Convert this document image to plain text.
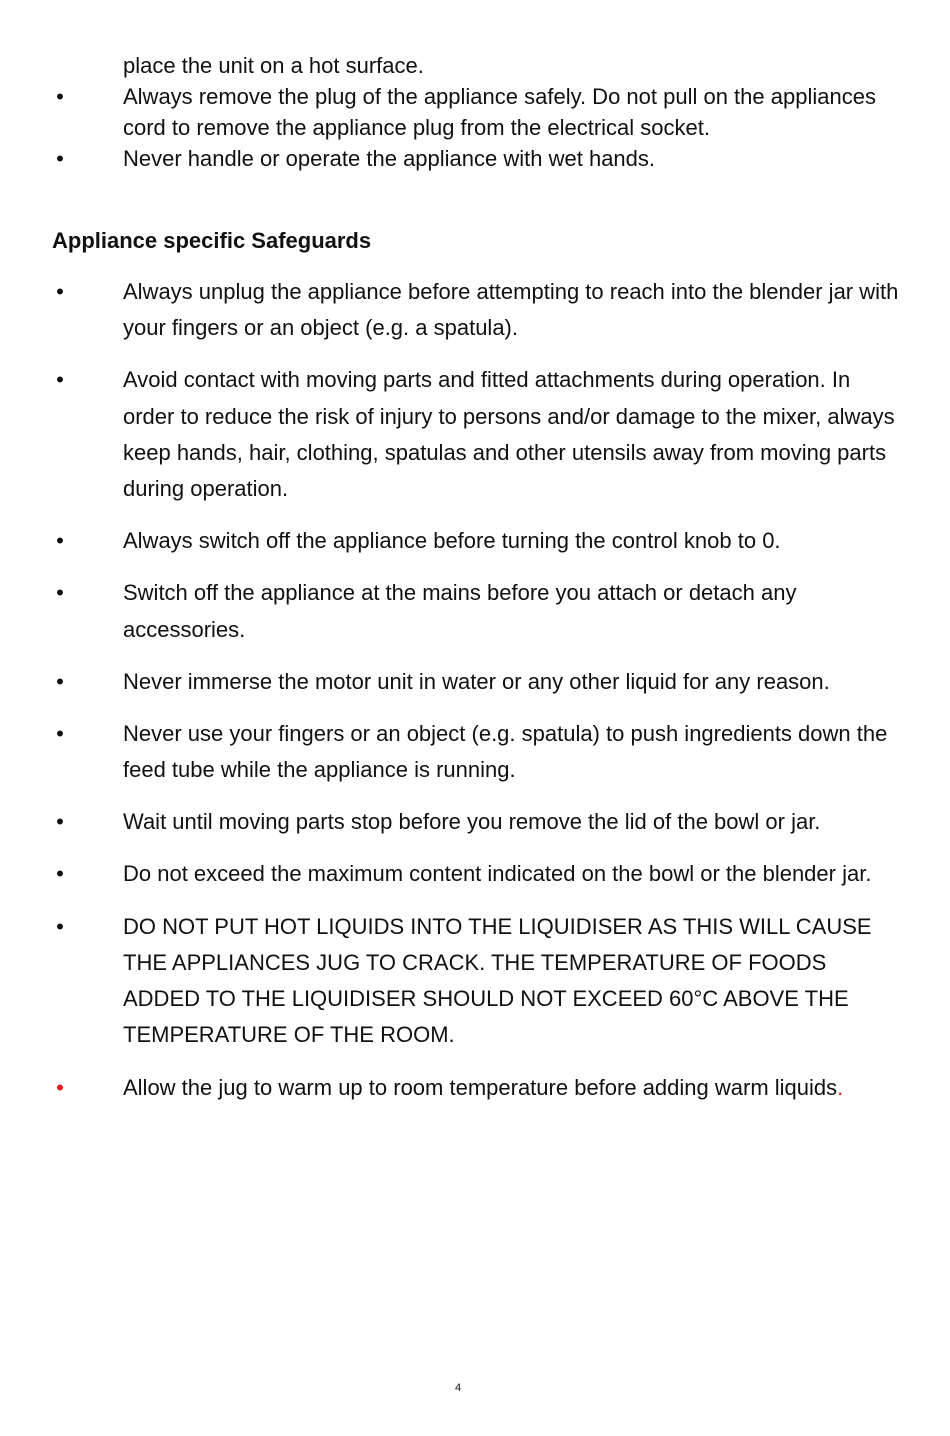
place the unit on a hot surface.
•	Always remove the plug of the appliance safely. Do not pull on the appliances cord to remove the appliance plug from the electrical socket.
•	Never handle or operate the appliance with wet hands.
Appliance specific Safeguards
•	Always unplug the appliance before attempting to reach into the blender jar with your fingers or an object (e.g. a spatula).
•	Avoid contact with moving parts and fitted attachments during operation. In order to reduce the risk of injury to persons and/or damage to the mixer, always keep hands, hair, clothing, spatulas and other utensils away from moving parts during operation.
•	Always switch off the appliance before turning the control knob to 0.
•	Switch off the appliance at the mains before you attach or detach any accessories.
•	Never immerse the motor unit in water or any other liquid for any reason.
•	Never use your fingers or an object (e.g. spatula) to push ingredients down the feed tube while the appliance is running.
•	Wait until moving parts stop before you remove the lid of the bowl or jar.
•	Do not exceed the maximum content indicated on the bowl or the blender jar.
•	DO NOT PUT HOT LIQUIDS INTO THE LIQUIDISER AS THIS WILL CAUSE THE APPLIANCES JUG TO CRACK. THE TEMPERATURE OF FOODS ADDED TO THE LIQUIDISER SHOULD NOT EXCEED 60°C ABOVE THE TEMPERATURE OF THE ROOM.
•	Allow the jug to warm up to room temperature before adding warm liquids.
4
